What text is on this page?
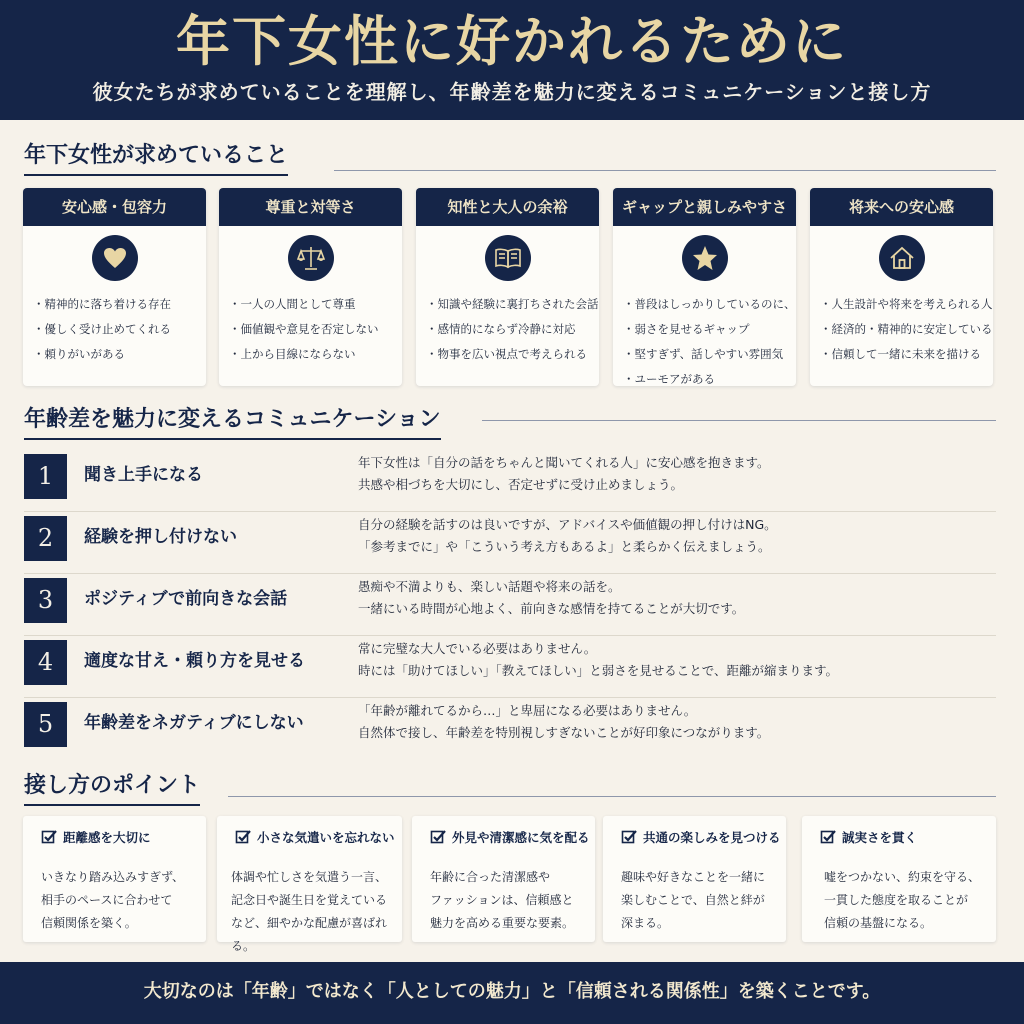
年下女性に好かれるために
彼女たちが求めていることを理解し、年齢差を魅力に変えるコミュニケーションと接し方
年下女性が求めていること
安心感・包容力
・ 精神的に落ち着ける存在
・ 優しく受け止めてくれる
・ 頼りがいがある
尊重と対等さ
・ 一人の人間として尊重
・ 価値観や意見を否定しない
・ 上から目線にならない
知性と大人の余裕
・ 知識や経験に裏打ちされた会話
・ 感情的にならず冷静に対応
・ 物事を広い視点で考えられる
ギャップと親しみやすさ
・ 普段はしっかりしているのに、
・ 弱さを見せるギャップ
・ 堅すぎず、話しやすい雰囲気
・ ユーモアがある
将来への安心感
・ 人生設計や将来を考えられる人
・ 経済的・精神的に安定している
・ 信頼して一緒に未来を描ける
年齢差を魅力に変えるコミュニケーション
1	聞き上手になる
年下女性は「自分の話をちゃんと聞いてくれる人」に安心感を抱きます。
共感や相づちを大切にし、否定せずに受け止めましょう。
2	経験を押し付けない
自分の経験を話すのは良いですが、アドバイスや価値観の押し付けはNG。
「参考までに」や「こういう考え方もあるよ」と柔らかく伝えましょう。
3	ポジティブで前向きな会話
愚痴や不満よりも、楽しい話題や将来の話を。
一緒にいる時間が心地よく、前向きな感情を持てることが大切です。
4	適度な甘え・頼り方を見せる
常に完璧な大人でいる必要はありません。
時には「助けてほしい」「教えてほしい」と弱さを見せることで、距離が縮まります。
5	年齢差をネガティブにしない
「年齢が離れてるから…」と卑屈になる必要はありません。
自然体で接し、年齢差を特別視しすぎないことが好印象につながります。
接し方のポイント
距離感を大切に
いきなり踏み込みすぎず、
相手のペースに合わせて
信頼関係を築く。
小さな気遣いを忘れない
体調や忙しさを気遣う一言、
記念日や誕生日を覚えている
など、細やかな配慮が喜ばれる。
外見や清潔感に気を配る
年齢に合った清潔感や
ファッションは、信頼感と
魅力を高める重要な要素。
共通の楽しみを見つける
趣味や好きなことを一緒に
楽しむことで、自然と絆が
深まる。
誠実さを貫く
嘘をつかない、約束を守る、
一貫した態度を取ることが
信頼の基盤になる。
大切なのは「年齢」ではなく「人としての魅力」と「信頼される関係性」を築くことです。
